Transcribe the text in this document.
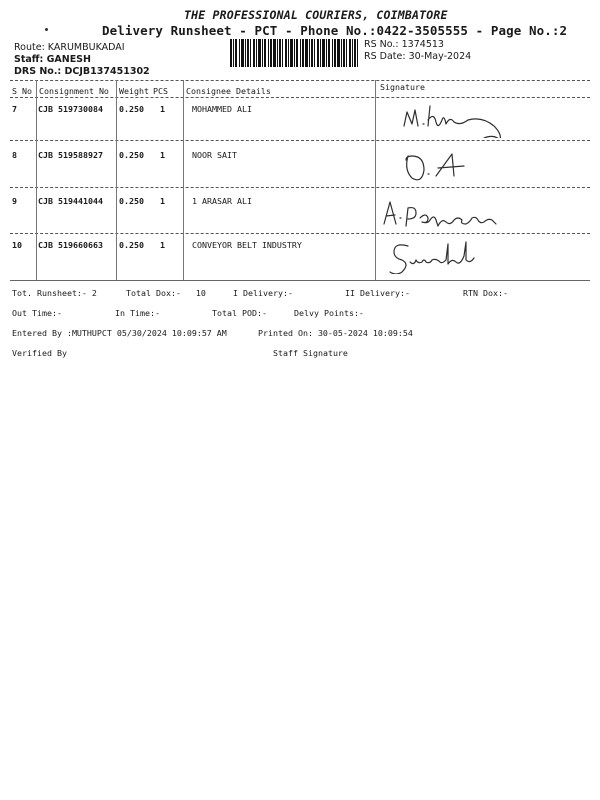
THE PROFESSIONAL COURIERS, COIMBATORE
Delivery Runsheet - PCT - Phone No.:0422-3505555 - Page No.:2
Route: KARUMBUKADAI
Staff: GANESH
DRS No.: DCJB137451302
RS No.: 1374513
RS Date: 30-May-2024
S No Consignment No Weight PCS Consignee Details	Signature
7	CJB 519730084 0.250 1	MOHAMMED ALI
8	CJB 519588927 0.250 1	NOOR SAIT
9	CJB 519441044 0.250 1	1 ARASAR ALI
10 CJB 519660663 0.250 1	CONVEYOR BELT INDUSTRY
Tot. Runsheet:- 2	Total Dox:-   10	I Delivery:-	II Delivery:-	RTN Dox:-
Out Time:-	In Time:-	Total POD:-	Delvy Points:-
Entered By :MUTHUPCT 05/30/2024 10:09:57 AM	Printed On: 30-05-2024 10:09:54
Verified By	Staff Signature
